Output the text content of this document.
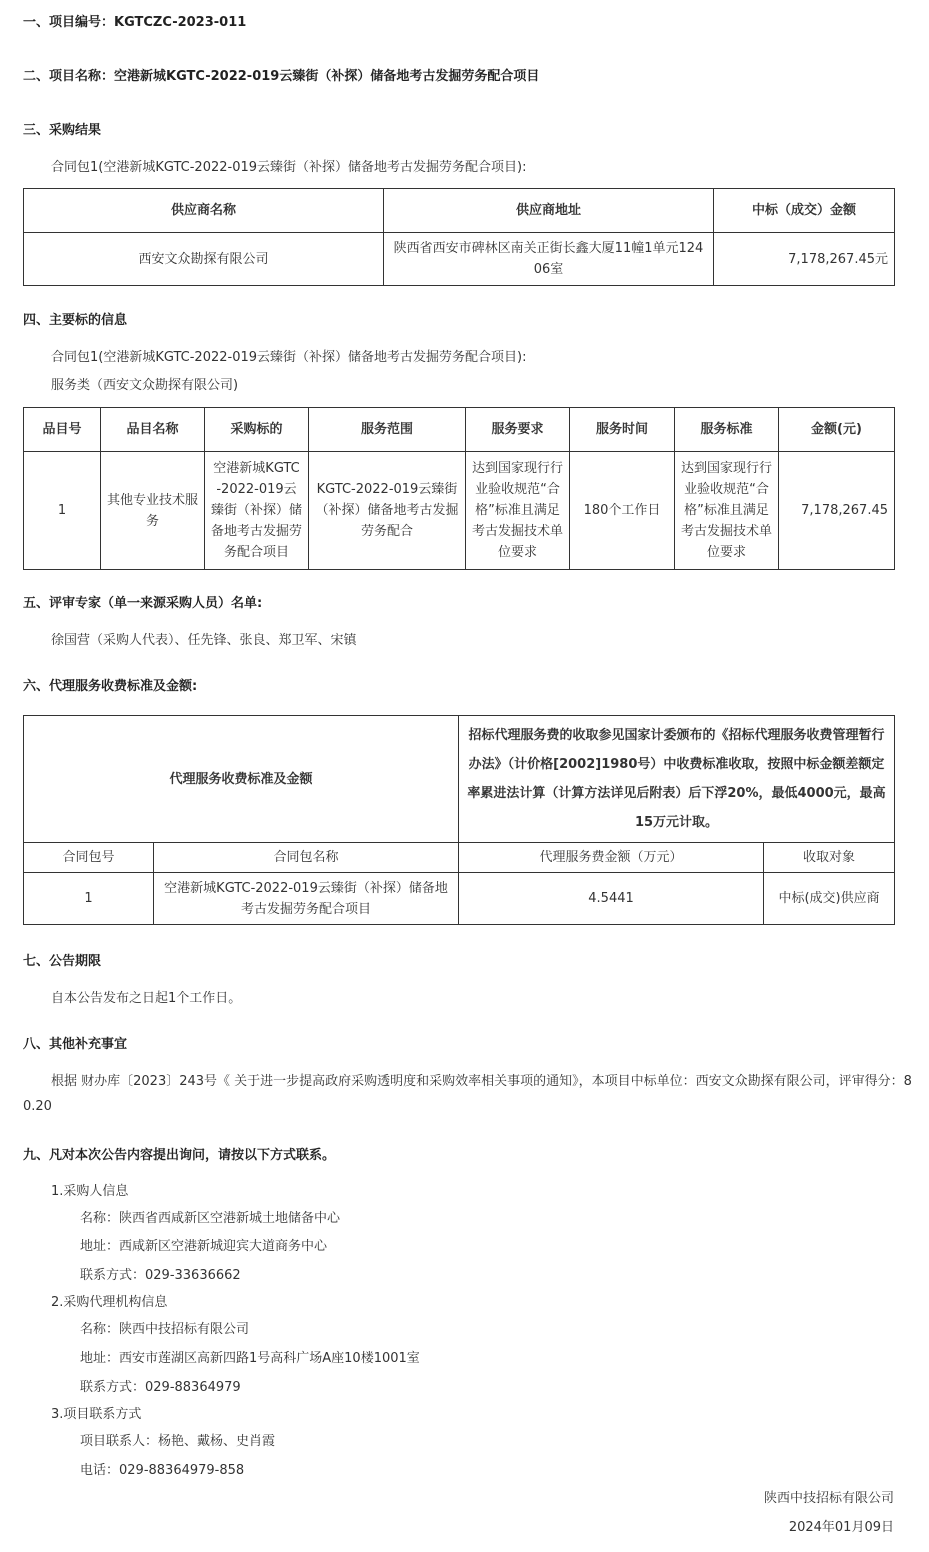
一、项目编号：KGTCZC-2023-011
二、项目名称：空港新城KGTC-2022-019云臻街（补探）储备地考古发掘劳务配合项目
三、采购结果
合同包1(空港新城KGTC-2022-019云臻街（补探）储备地考古发掘劳务配合项目):
供应商名称	供应商地址	中标（成交）金额
西安文众勘探有限公司	陕西省西安市碑林区南关正街长鑫大厦11幢1单元12406室	7,178,267.45元
四、主要标的信息
合同包1(空港新城KGTC-2022-019云臻街（补探）储备地考古发掘劳务配合项目):
服务类（西安文众勘探有限公司)
品目号	品目名称	采购标的	服务范围	服务要求	服务时间	服务标准	金额(元)
1	其他专业技术服务	空港新城KGTC-2022-019云臻街（补探）储备地考古发掘劳务配合项目	KGTC-2022-019云臻街（补探）储备地考古发掘劳务配合	达到国家现行行业验收规范“合格”标准且满足考古发掘技术单位要求	180个工作日	达到国家现行行业验收规范“合格”标准且满足考古发掘技术单位要求	7,178,267.45
五、评审专家（单一来源采购人员）名单:
徐国营（采购人代表）、任先锋、张良、郑卫军、宋镇
六、代理服务收费标准及金额:
代理服务收费标准及金额		招标代理服务费的收取参见国家计委颁布的《招标代理服务收费管理暂行办法》（计价格[2002]1980号）中收费标准收取，按照中标金额差额定率累进法计算（计算方法详见后附表）后下浮20%，最低4000元，最高15万元计取。	
合同包号	合同包名称	代理服务费金额（万元）	收取对象
1	空港新城KGTC-2022-019云臻街（补探）储备地考古发掘劳务配合项目	4.5441	中标(成交)供应商
七、公告期限
自本公告发布之日起1个工作日。
八、其他补充事宜
根据 财办库〔2023〕243号《 关于进一步提高政府采购透明度和采购效率相关事项的通知》，本项目中标单位：西安文众勘探有限公司，评审得分：8
0.20
九、凡对本次公告内容提出询问，请按以下方式联系。
1.采购人信息
名称：陕西省西咸新区空港新城土地储备中心
地址：西咸新区空港新城迎宾大道商务中心
联系方式：029-33636662
2.采购代理机构信息
名称：陕西中技招标有限公司
地址：西安市莲湖区高新四路1号高科广场A座10楼1001室
联系方式：029-88364979
3.项目联系方式
项目联系人：杨艳、戴杨、史肖霞
电话：029-88364979-858
陕西中技招标有限公司
2024年01月09日
